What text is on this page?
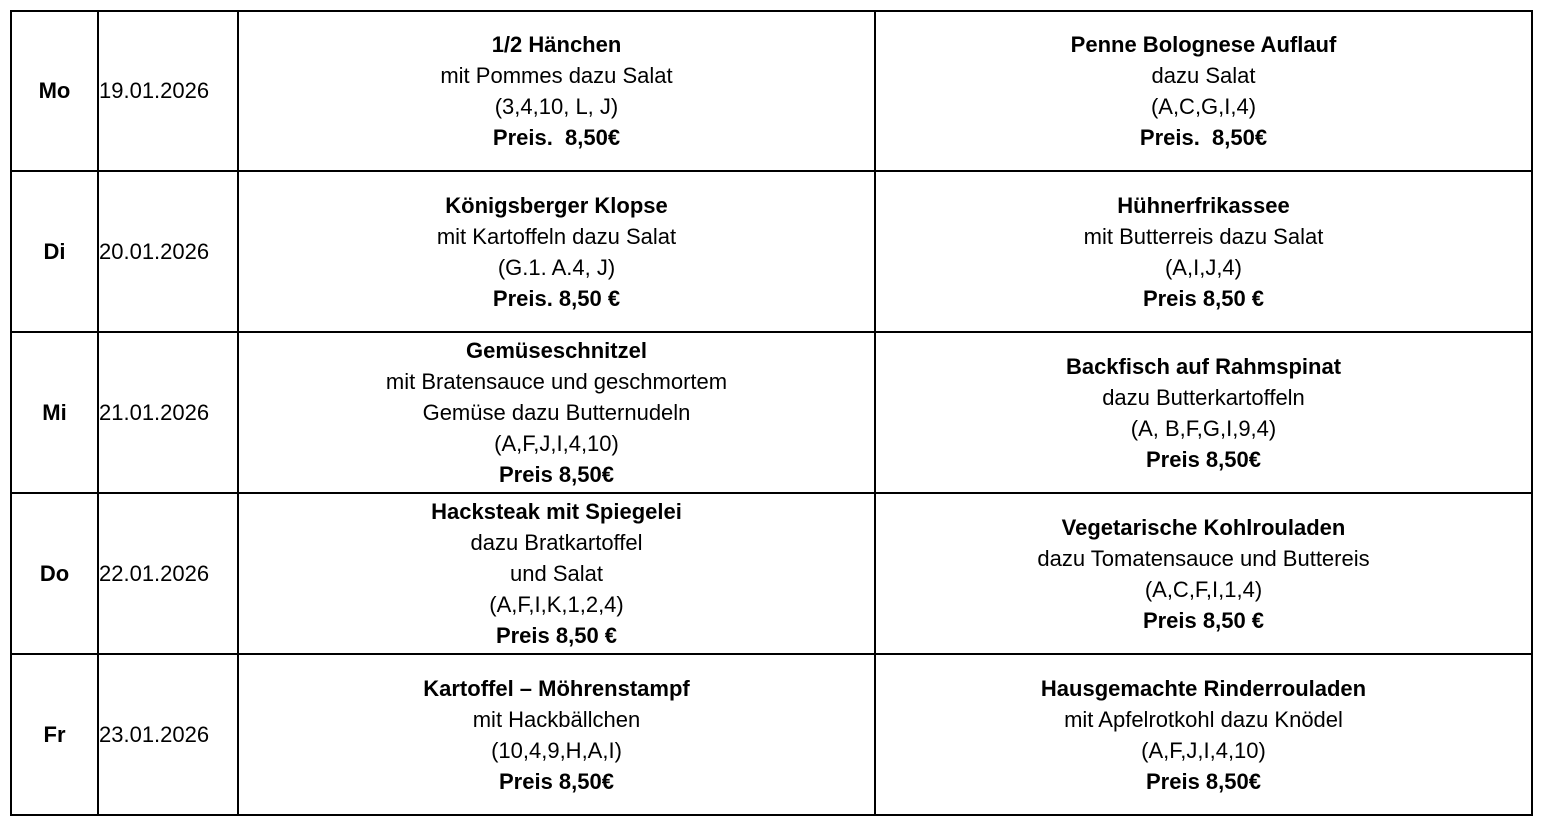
Mo	19.01.2026	1/2 Hänchen
mit Pommes dazu Salat
(3,4,10, L, J)
Preis.  8,50€	Penne Bolognese Auflauf
dazu Salat
(A,C,G,I,4)
Preis.  8,50€

Di	20.01.2026	Königsberger Klopse
mit Kartoffeln dazu Salat
(G.1. A.4, J)
Preis. 8,50 €	Hühnerfrikassee
mit Butterreis dazu Salat
(A,I,J,4)
Preis 8,50 €

Mi	21.01.2026	Gemüseschnitzel
mit Bratensauce und geschmortem
Gemüse dazu Butternudeln
(A,F,J,I,4,10)
Preis 8,50€	Backfisch auf Rahmspinat
dazu Butterkartoffeln
(A, B,F,G,I,9,4)
Preis 8,50€

Do	22.01.2026	Hacksteak mit Spiegelei
dazu Bratkartoffel
und Salat
(A,F,I,K,1,2,4)
Preis 8,50 €	Vegetarische Kohlrouladen
dazu Tomatensauce und Buttereis
(A,C,F,I,1,4)
Preis 8,50 €

Fr	23.01.2026	Kartoffel – Möhrenstampf
mit Hackbällchen
(10,4,9,H,A,I)
Preis 8,50€	Hausgemachte Rinderrouladen
mit Apfelrotkohl dazu Knödel
(A,F,J,I,4,10)
Preis 8,50€
